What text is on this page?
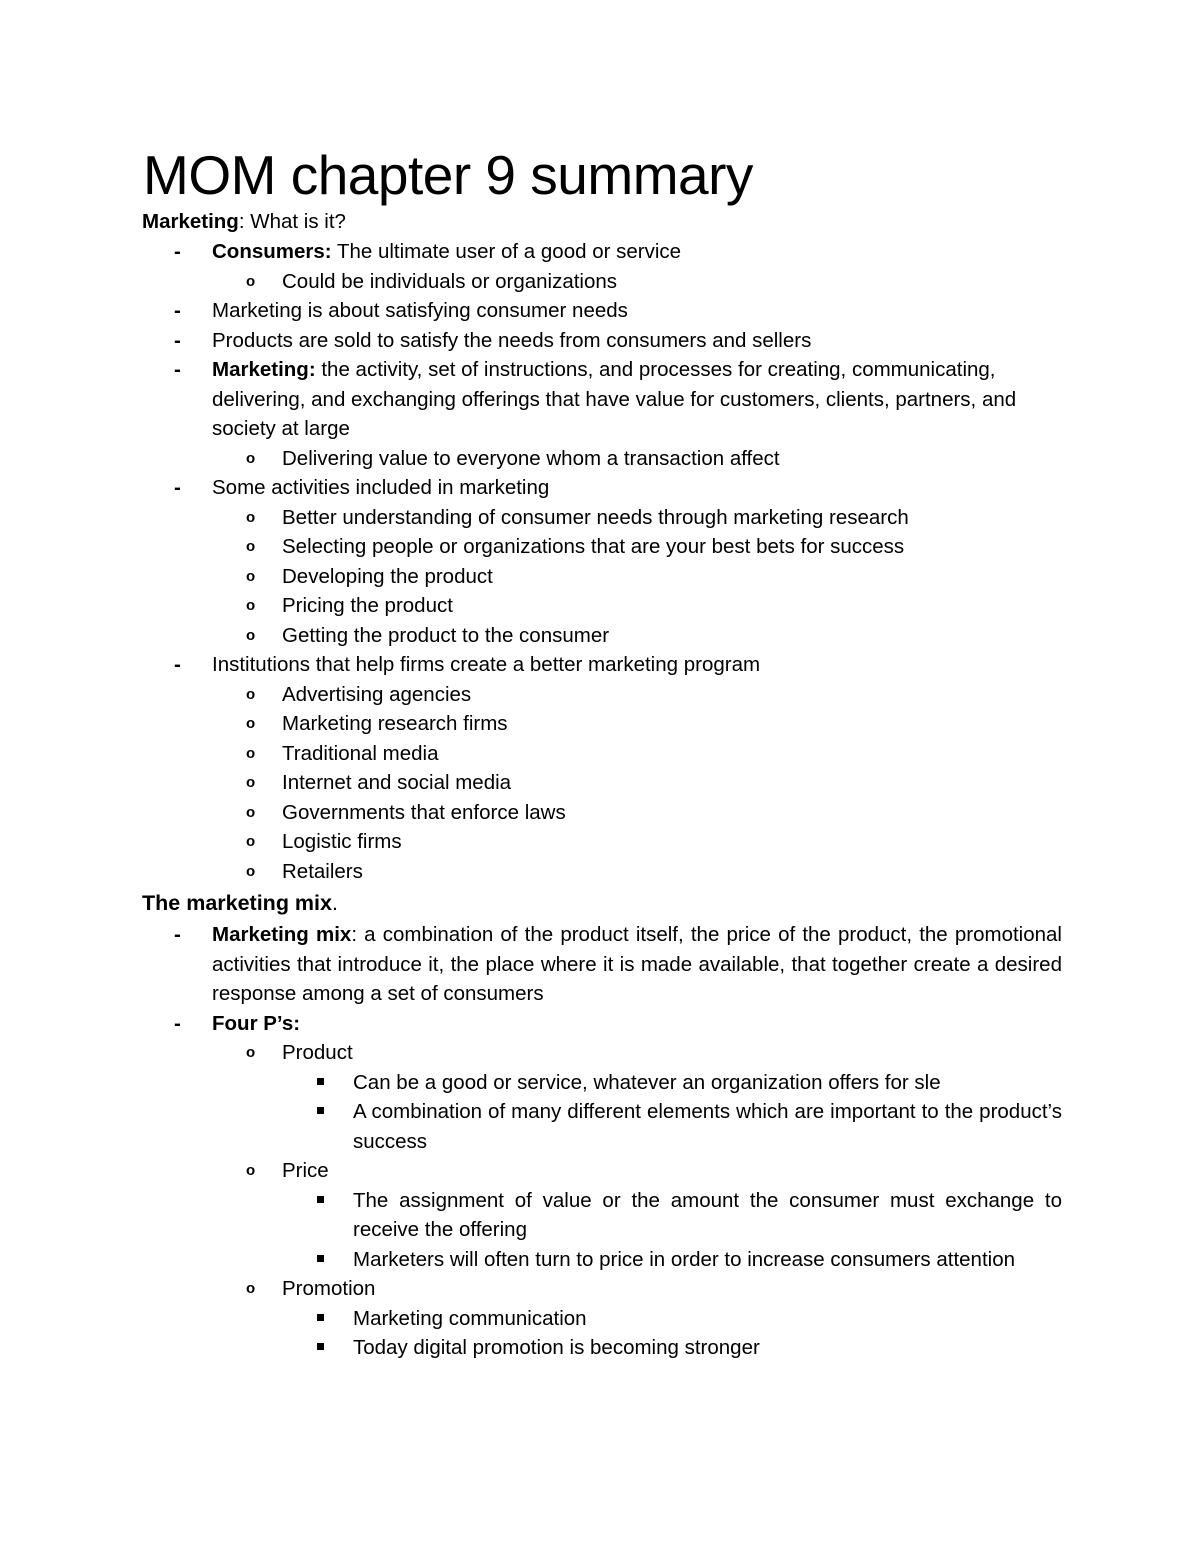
MOM chapter 9 summary
Marketing: What is it?
- Consumers: The ultimate user of a good or service
o Could be individuals or organizations
- Marketing is about satisfying consumer needs
- Products are sold to satisfy the needs from consumers and sellers
- Marketing: the activity, set of instructions, and processes for creating, communicating, delivering, and exchanging offerings that have value for customers, clients, partners, and society at large
o Delivering value to everyone whom a transaction affect
- Some activities included in marketing
o Better understanding of consumer needs through marketing research
o Selecting people or organizations that are your best bets for success
o Developing the product
o Pricing the product
o Getting the product to the consumer
- Institutions that help firms create a better marketing program
o Advertising agencies
o Marketing research firms
o Traditional media
o Internet and social media
o Governments that enforce laws
o Logistic firms
o Retailers
The marketing mix.
- Marketing mix: a combination of the product itself, the price of the product, the promotional activities that introduce it, the place where it is made available, that together create a desired response among a set of consumers
- Four P’s:
o Product
Can be a good or service, whatever an organization offers for sle
A combination of many different elements which are important to the product’s success
o Price
The assignment of value or the amount the consumer must exchange to receive the offering
Marketers will often turn to price in order to increase consumers attention
o Promotion
Marketing communication
Today digital promotion is becoming stronger
